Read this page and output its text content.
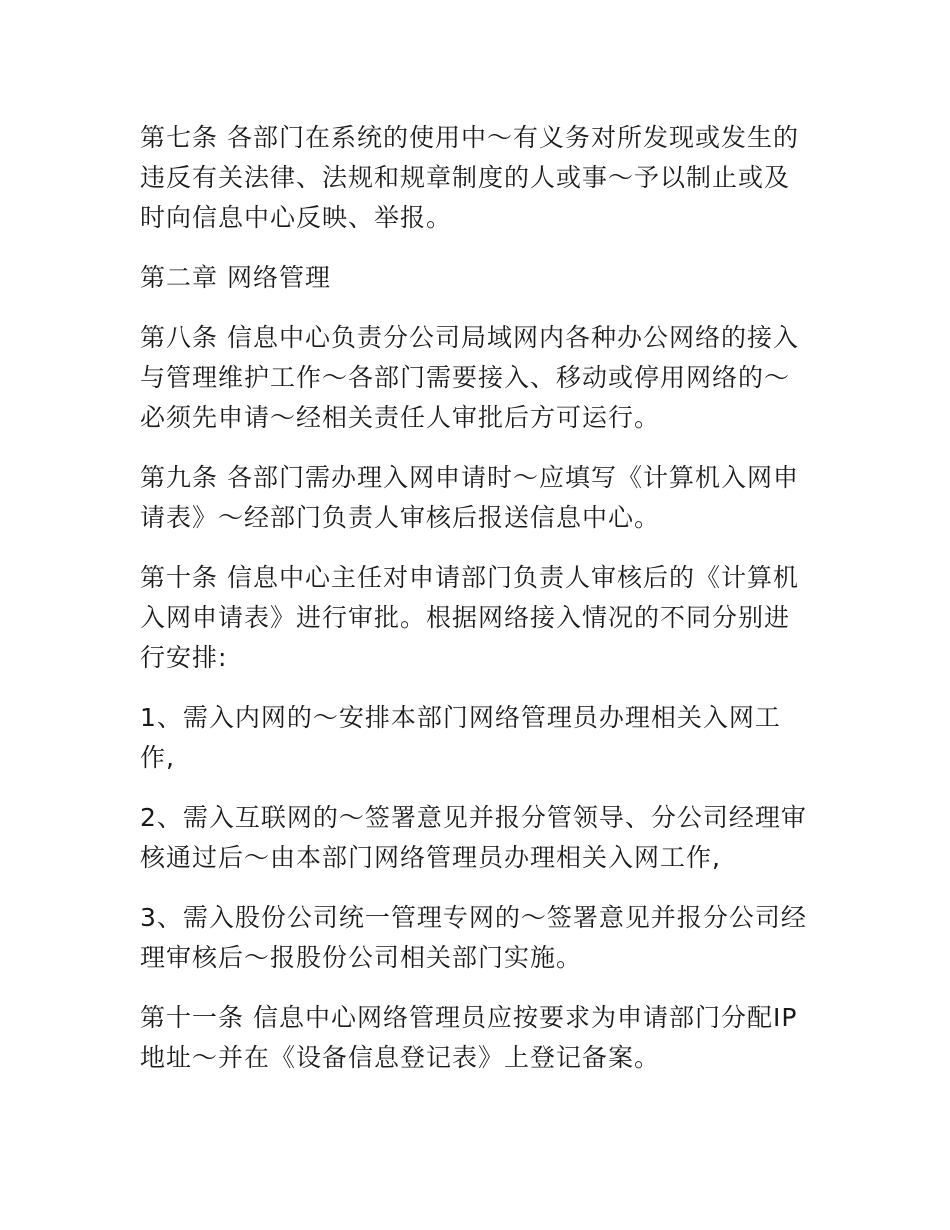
第七条 各部门在系统的使用中～有义务对所发现或发生的违反有关法律、法规和规章制度的人或事～予以制止或及时向信息中心反映、举报。

第二章 网络管理

第八条 信息中心负责分公司局域网内各种办公网络的接入与管理维护工作～各部门需要接入、移动或停用网络的～必须先申请～经相关责任人审批后方可运行。

第九条 各部门需办理入网申请时～应填写《计算机入网申请表》～经部门负责人审核后报送信息中心。

第十条 信息中心主任对申请部门负责人审核后的《计算机入网申请表》进行审批。根据网络接入情况的不同分别进行安排:

1、需入内网的～安排本部门网络管理员办理相关入网工作,

2、需入互联网的～签署意见并报分管领导、分公司经理审核通过后～由本部门网络管理员办理相关入网工作,

3、需入股份公司统一管理专网的～签署意见并报分公司经理审核后～报股份公司相关部门实施。

第十一条 信息中心网络管理员应按要求为申请部门分配IP 地址～并在《设备信息登记表》上登记备案。
